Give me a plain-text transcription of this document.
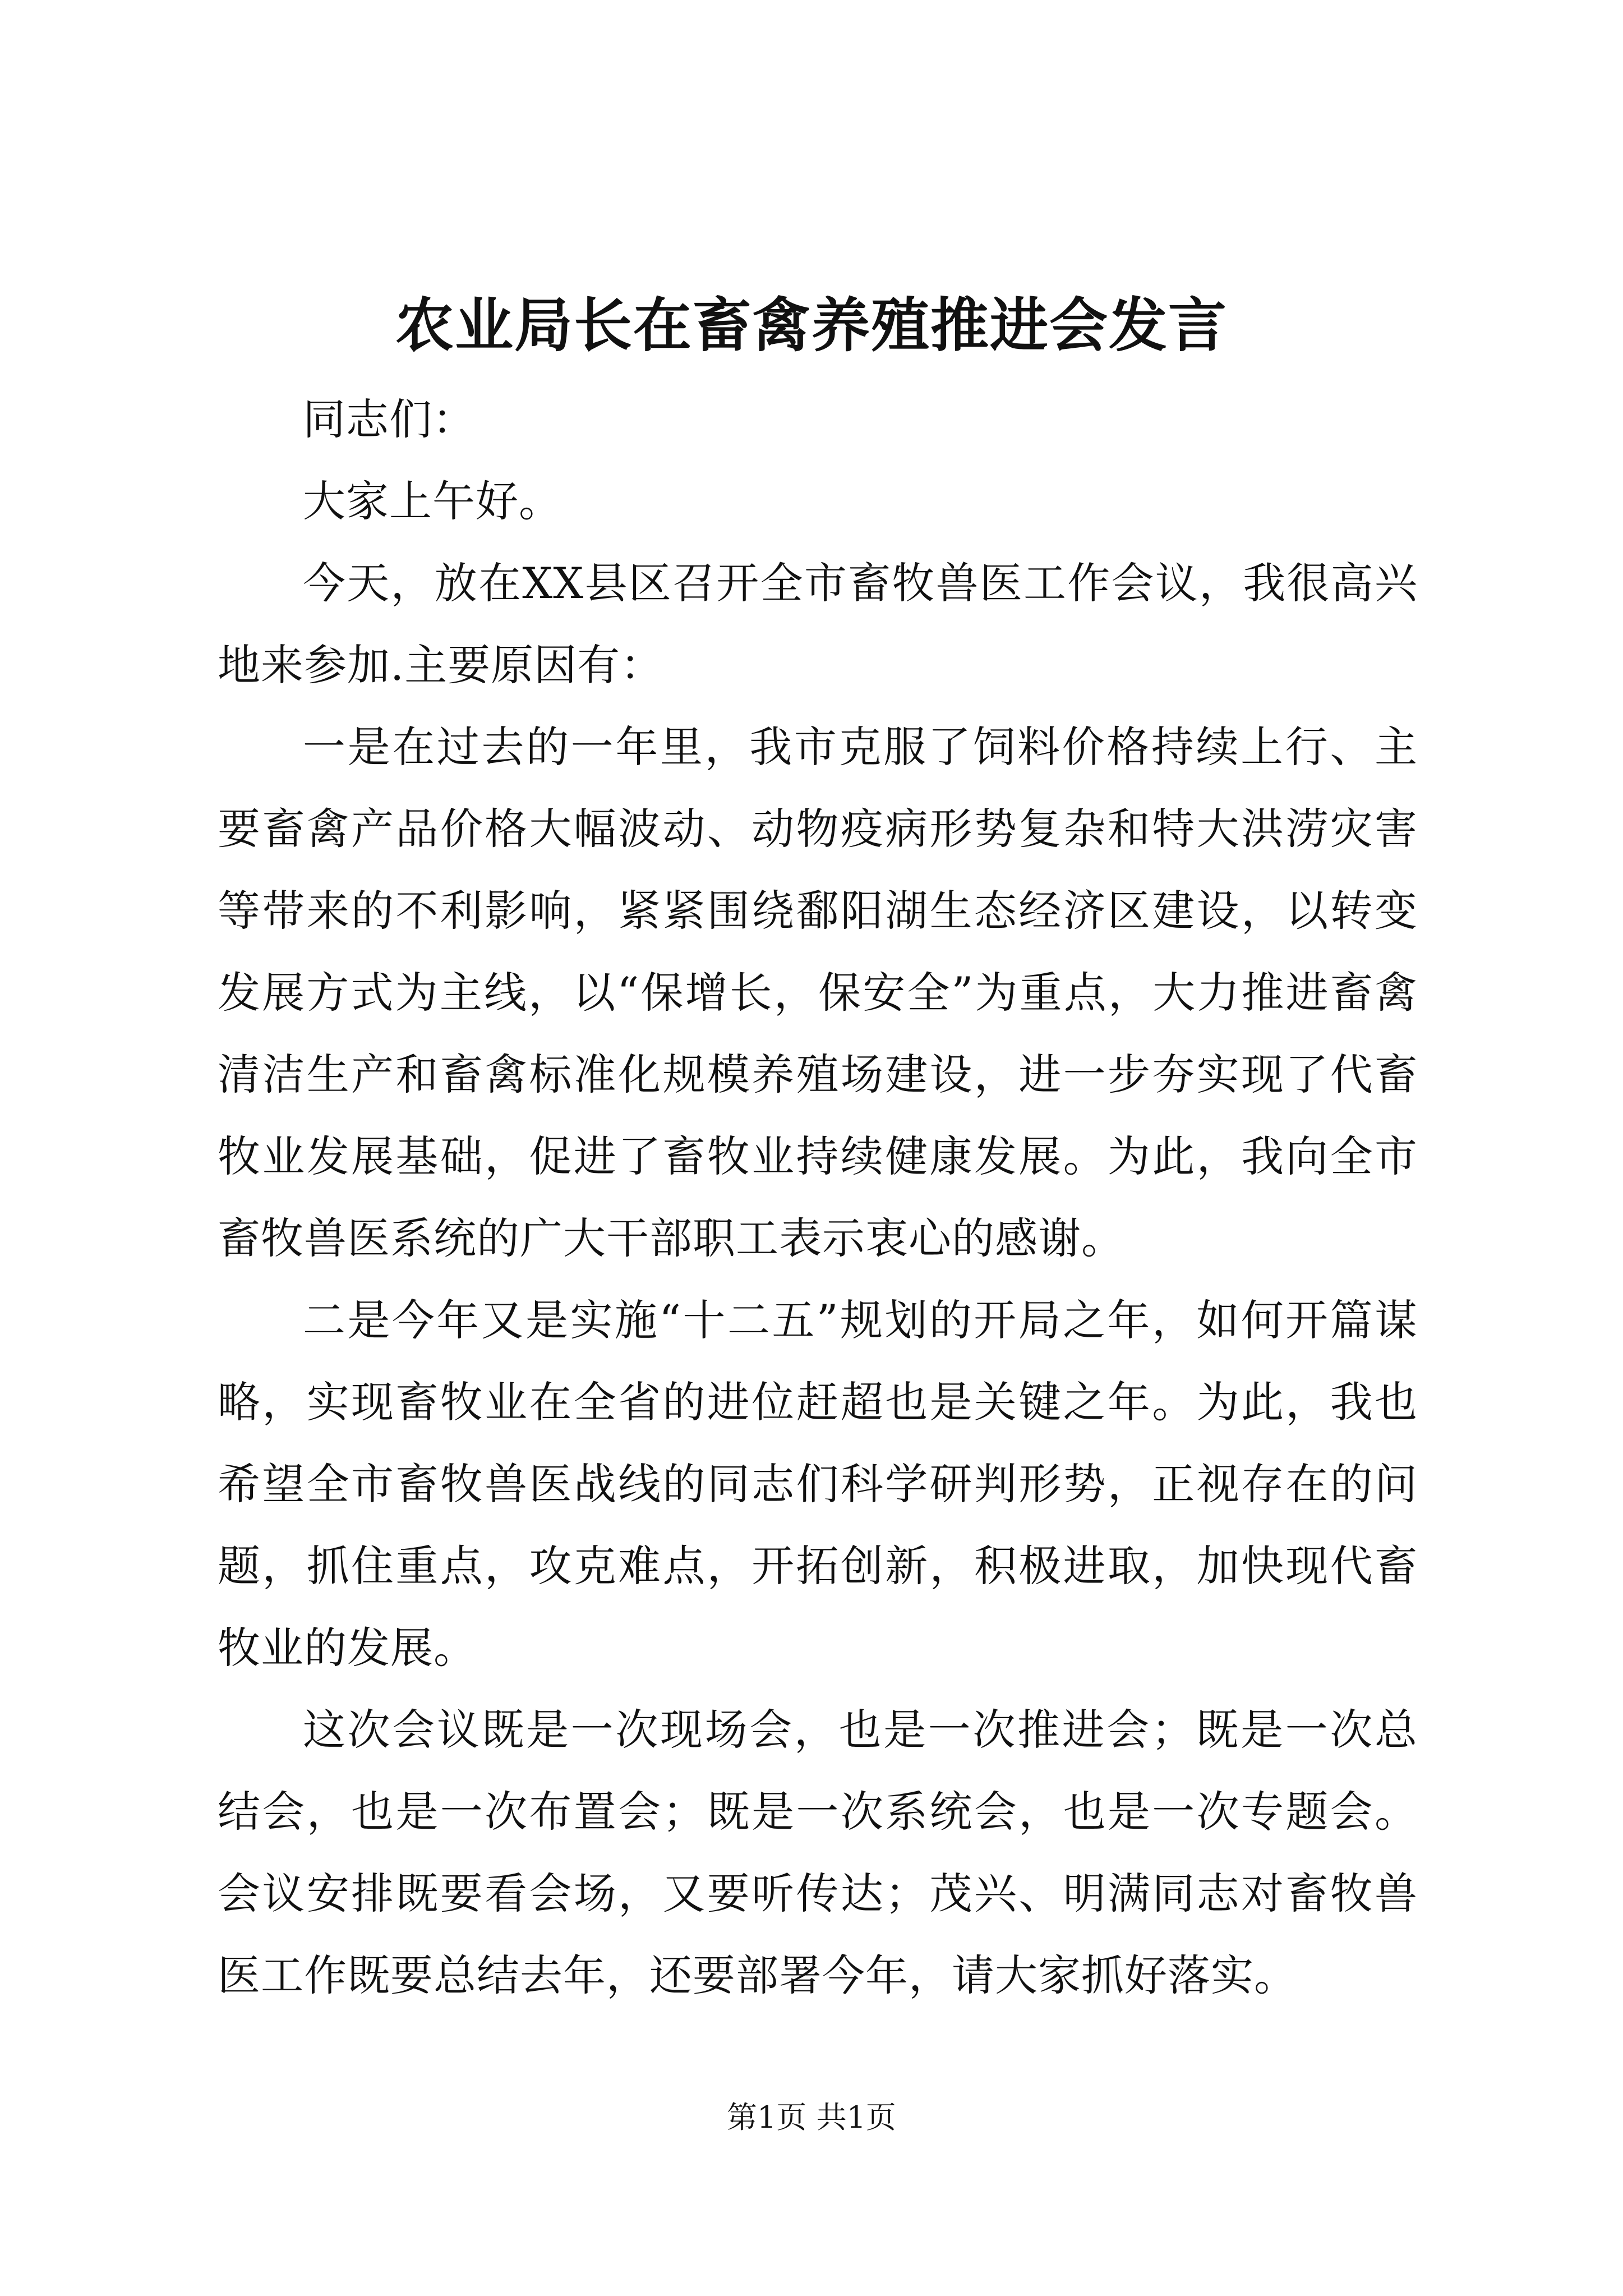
农业局长在畜禽养殖推进会发言

同志们：

大家上午好。

今天，放在XX县区召开全市畜牧兽医工作会议，我很高兴地来参加.主要原因有：

一是在过去的一年里，我市克服了饲料价格持续上行、主要畜禽产品价格大幅波动、动物疫病形势复杂和特大洪涝灾害等带来的不利影响，紧紧围绕鄱阳湖生态经济区建设，以转变发展方式为主线，以“保增长，保安全”为重点，大力推进畜禽清洁生产和畜禽标准化规模养殖场建设，进一步夯实现了代畜牧业发展基础，促进了畜牧业持续健康发展。为此，我向全市畜牧兽医系统的广大干部职工表示衷心的感谢。

二是今年又是实施“十二五”规划的开局之年，如何开篇谋略，实现畜牧业在全省的进位赶超也是关键之年。为此，我也希望全市畜牧兽医战线的同志们科学研判形势，正视存在的问题，抓住重点，攻克难点，开拓创新，积极进取，加快现代畜牧业的发展。

这次会议既是一次现场会，也是一次推进会；既是一次总结会，也是一次布置会；既是一次系统会，也是一次专题会。会议安排既要看会场，又要听传达；茂兴、明满同志对畜牧兽医工作既要总结去年，还要部署今年，请大家抓好落实。

第1页 共1页
